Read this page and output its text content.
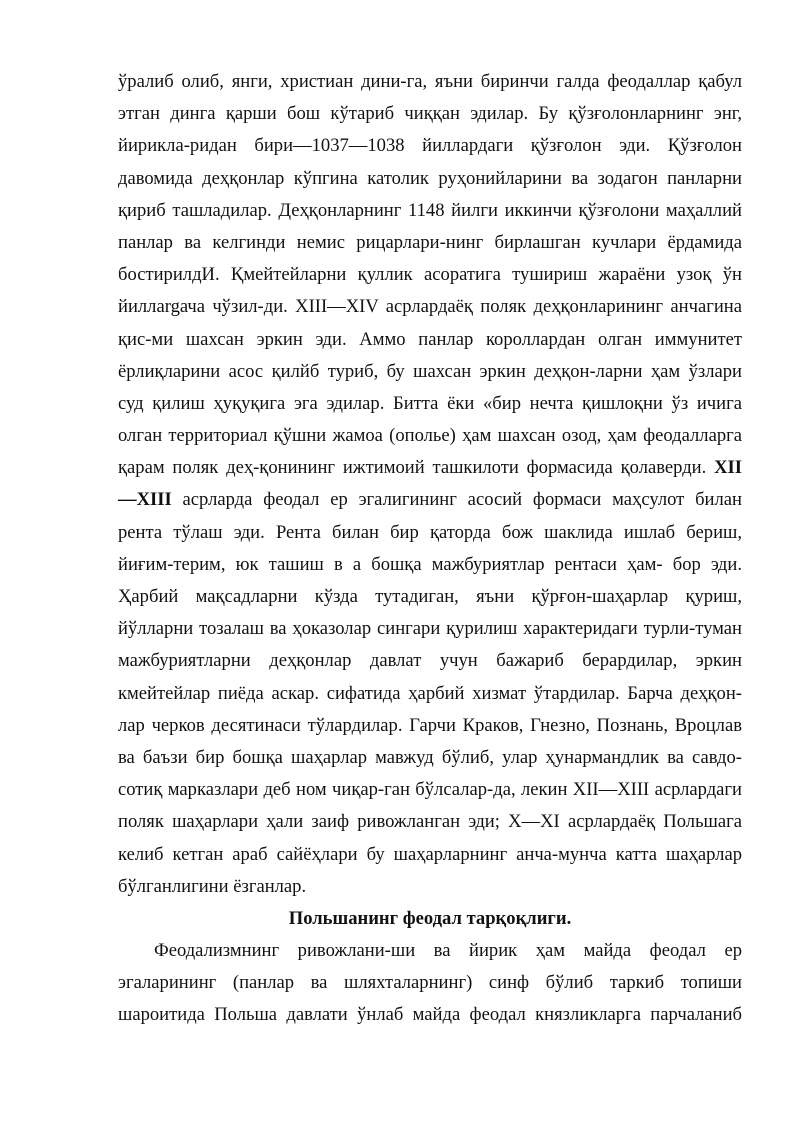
ўралиб олиб, янги, христиан дини-га, яъни биринчи галда феодаллар қабул
этган динга қарши бош кўтариб чиққан эдилар. Бу қўзғолонларнинг энг,
йирикла-ридан бири—1037—1038 йиллардаги қўзғолон эди. Қўзғолон
давомида деҳқонлар кўпгина католик руҳонийларини ва зодагон панларни
қириб ташладилар. Деҳқонларнинг 1148 йилги иккинчи қўзғолони маҳаллий
панлар ва келгинди немис рицарлари-нинг бирлашган кучлари ёрдамида
бостирилдИ. Қмейтейларни қуллик асоратига тушириш жараёни узоқ ўн
йиллargача чўзил-ди. XIII—XIV асрлардаёқ поляк деҳқонларининг анчагина
қис-ми шахсан эркин эди. Аммо панлар короллардан олган иммунитет
ёрлиқларини асос қилйб туриб, бу шахсан эркин деҳқон-ларни ҳам ўзлари
суд қилиш ҳуқуқига эга эдилар. Битта ёки «бир нечта қишлоқни ўз ичига
олган территориал қўшни жамоа (ополье) ҳам шахсан озод, ҳам феодалларга
қарам поляк деҳ-қонининг ижтимоий ташкилоти формасида қолаверди. XII
—XIII асрларда феодал ер эгалигининг асосий формаси маҳсулот билан
рента тўлаш эди. Рента билан бир қаторда бож шаклида ишлаб бериш,
йиғим-терим, юк ташиш в а бошқа мажбуриятлар рентаси ҳам- бор эди.
Ҳарбий мақсадларни кўзда тутадиган, яъни қўрғон-шаҳарлар қуриш,
йўлларни тозалаш ва ҳоказолар сингари қурилиш характеридаги турли-туман
мажбуриятларни деҳқонлар давлат учун бажариб берардилар, эркин
кмейтейлар пиёда аскар. сифатида ҳарбий хизмат ўтардилар. Барча деҳқон-
лар черков десятинаси тўлардилар. Гарчи Краков, Гнезно, Познань, Вроцлав
ва баъзи бир бошқа шаҳарлар мавжуд бўлиб, улар ҳунармандлик ва савдо-
сотиқ марказлари деб ном чиқар-ган бўлсалар-да, лекин XII—XIII асрлардаги
поляк шаҳарлари ҳали заиф ривожланган эди; X—XI асрлардаёқ Польшага
келиб кетган араб сайёҳлари бу шаҳарларнинг анча-мунча катта шаҳарлар
бўлганлигини ёзганлар.
Польшанинг феодал тарқоқлиги.
Феодализмнинг ривожлани-ши ва йирик ҳам майда феодал ер
эгаларининг (панлар ва шляхталарнинг) синф бўлиб таркиб топиши
шароитида Польша давлати ўнлаб майда феодал князликларга парчаланиб
